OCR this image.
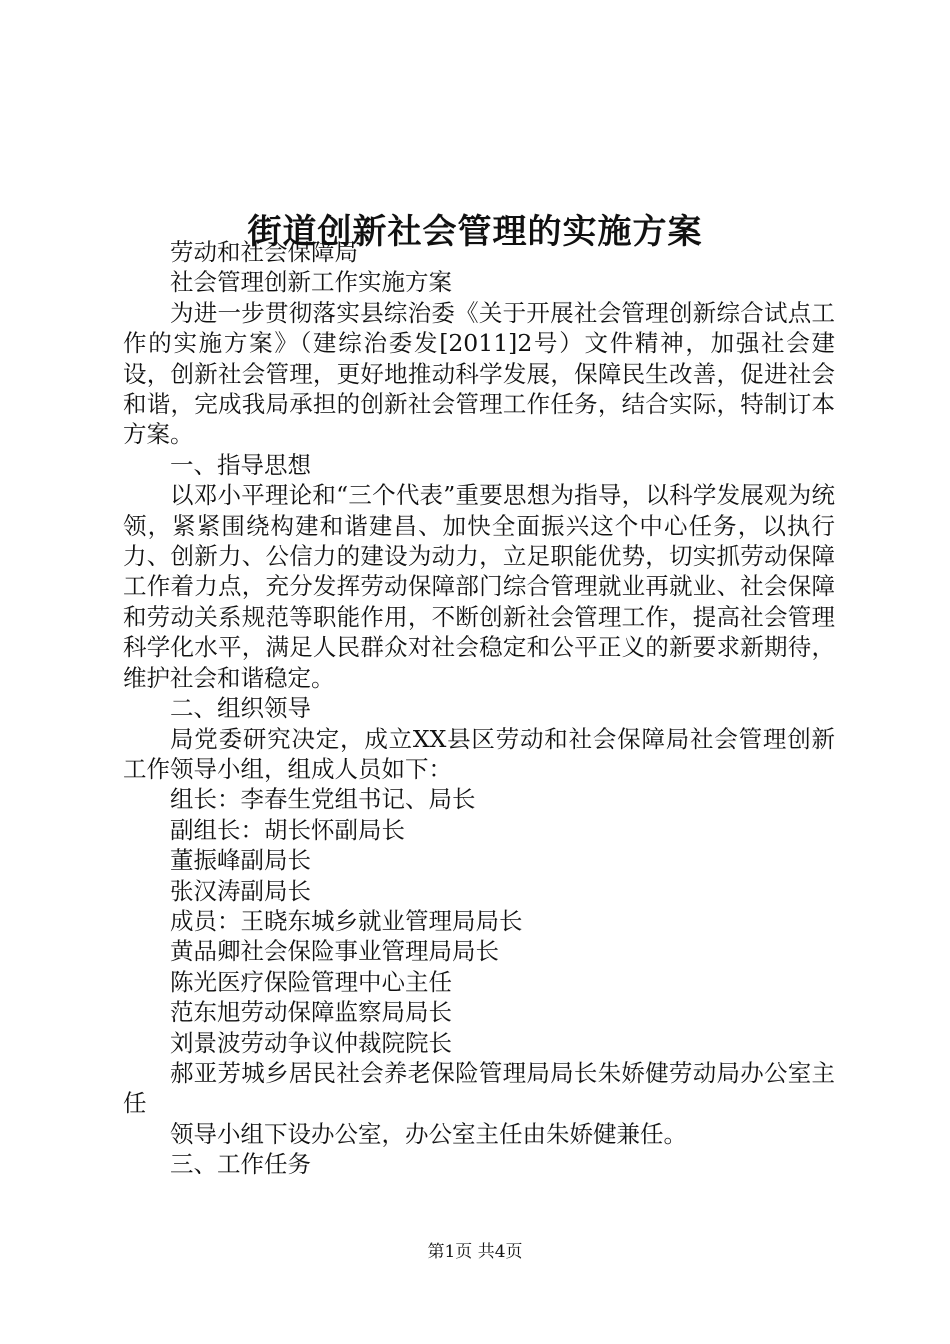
街道创新社会管理的实施方案

劳动和社会保障局

社会管理创新工作实施方案

为进一步贯彻落实县综治委《关于开展社会管理创新综合试点工作的实施方案》（建综治委发[2011]2号）文件精神，加强社会建设，创新社会管理，更好地推动科学发展，保障民生改善，促进社会和谐，完成我局承担的创新社会管理工作任务，结合实际，特制订本方案。

一、指导思想

以邓小平理论和“三个代表”重要思想为指导，以科学发展观为统领，紧紧围绕构建和谐建昌、加快全面振兴这个中心任务，以执行力、创新力、公信力的建设为动力，立足职能优势，切实抓劳动保障工作着力点，充分发挥劳动保障部门综合管理就业再就业、社会保障和劳动关系规范等职能作用，不断创新社会管理工作，提高社会管理科学化水平，满足人民群众对社会稳定和公平正义的新要求新期待，维护社会和谐稳定。

二、组织领导

局党委研究决定，成立XX县区劳动和社会保障局社会管理创新工作领导小组，组成人员如下：

组长：李春生党组书记、局长

副组长：胡长怀副局长

董振峰副局长

张汉涛副局长

成员：王晓东城乡就业管理局局长

黄品卿社会保险事业管理局局长

陈光医疗保险管理中心主任

范东旭劳动保障监察局局长

刘景波劳动争议仲裁院院长

郝亚芳城乡居民社会养老保险管理局局长朱娇健劳动局办公室主任

领导小组下设办公室，办公室主任由朱娇健兼任。

三、工作任务

第1页 共4页
